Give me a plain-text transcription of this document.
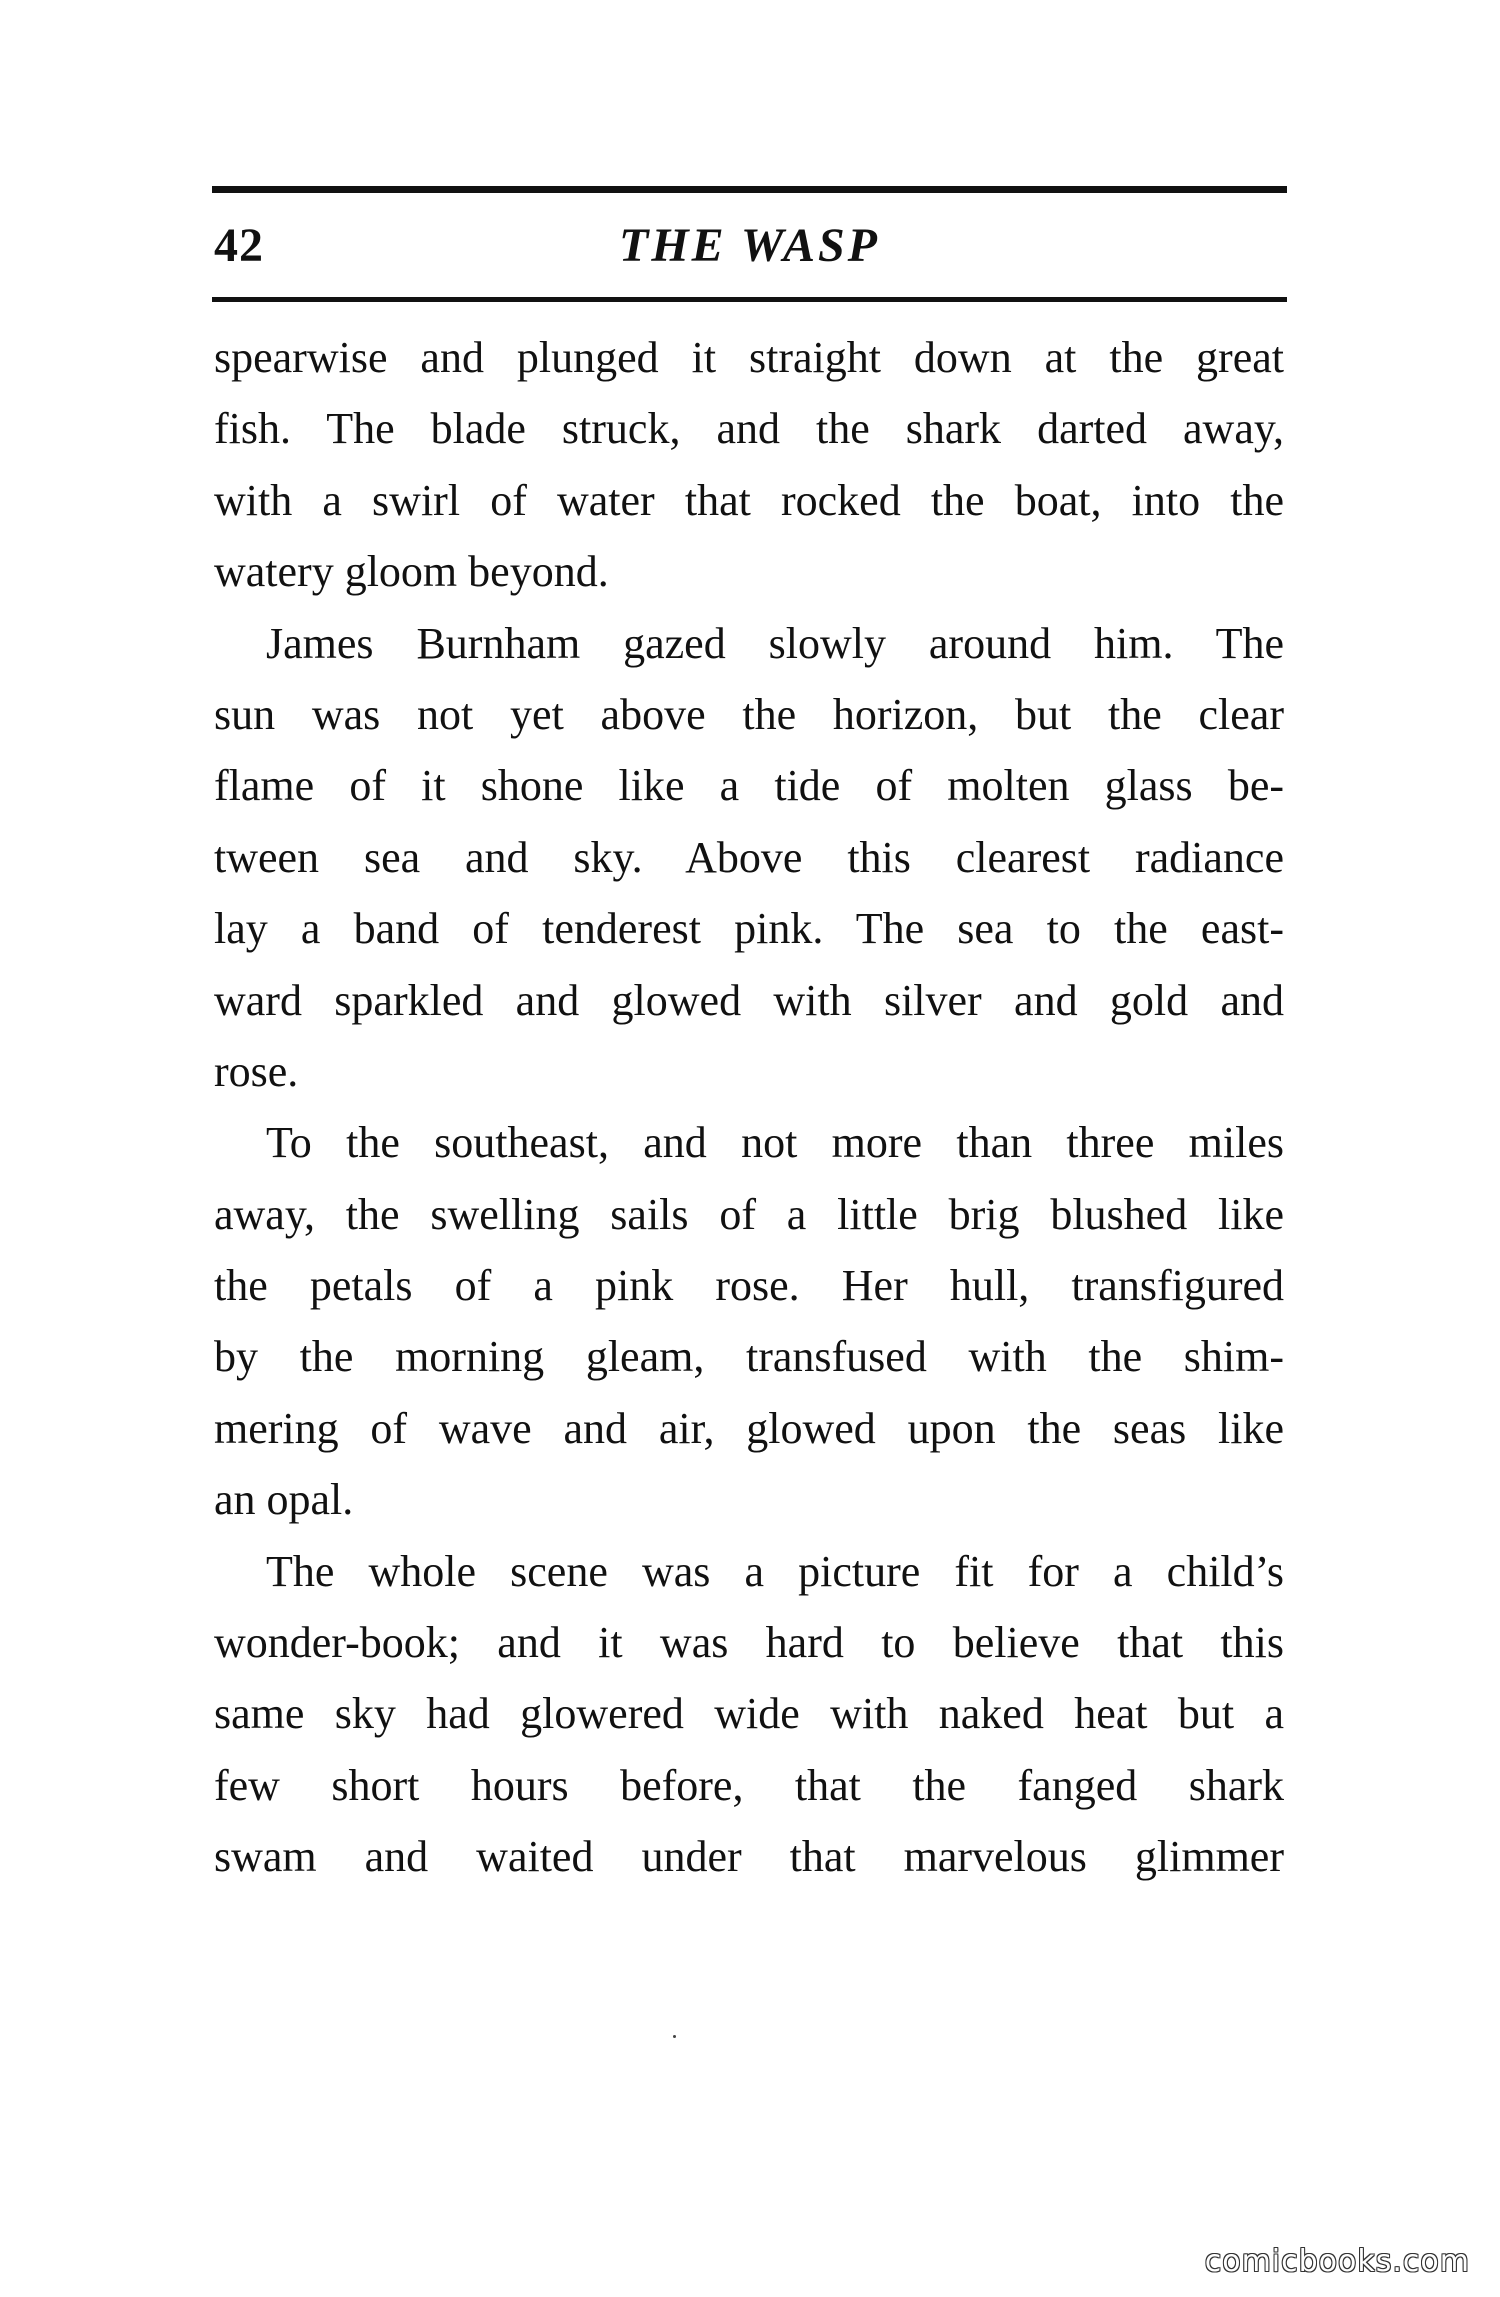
42	THE WASP
spearwise and plunged it straight down at the great
fish. The blade struck, and the shark darted away,
with a swirl of water that rocked the boat, into the
watery gloom beyond.
James Burnham gazed slowly around him. The
sun was not yet above the horizon, but the clear
flame of it shone like a tide of molten glass be-
tween sea and sky. Above this clearest radiance
lay a band of tenderest pink. The sea to the east-
ward sparkled and glowed with silver and gold and
rose.
To the southeast, and not more than three miles
away, the swelling sails of a little brig blushed like
the petals of a pink rose. Her hull, transfigured
by the morning gleam, transfused with the shim-
mering of wave and air, glowed upon the seas like
an opal.
The whole scene was a picture fit for a child’s
wonder-book; and it was hard to believe that this
same sky had glowered wide with naked heat but a
few short hours before, that the fanged shark
swam and waited under that marvelous glimmer
comicbooks.com
